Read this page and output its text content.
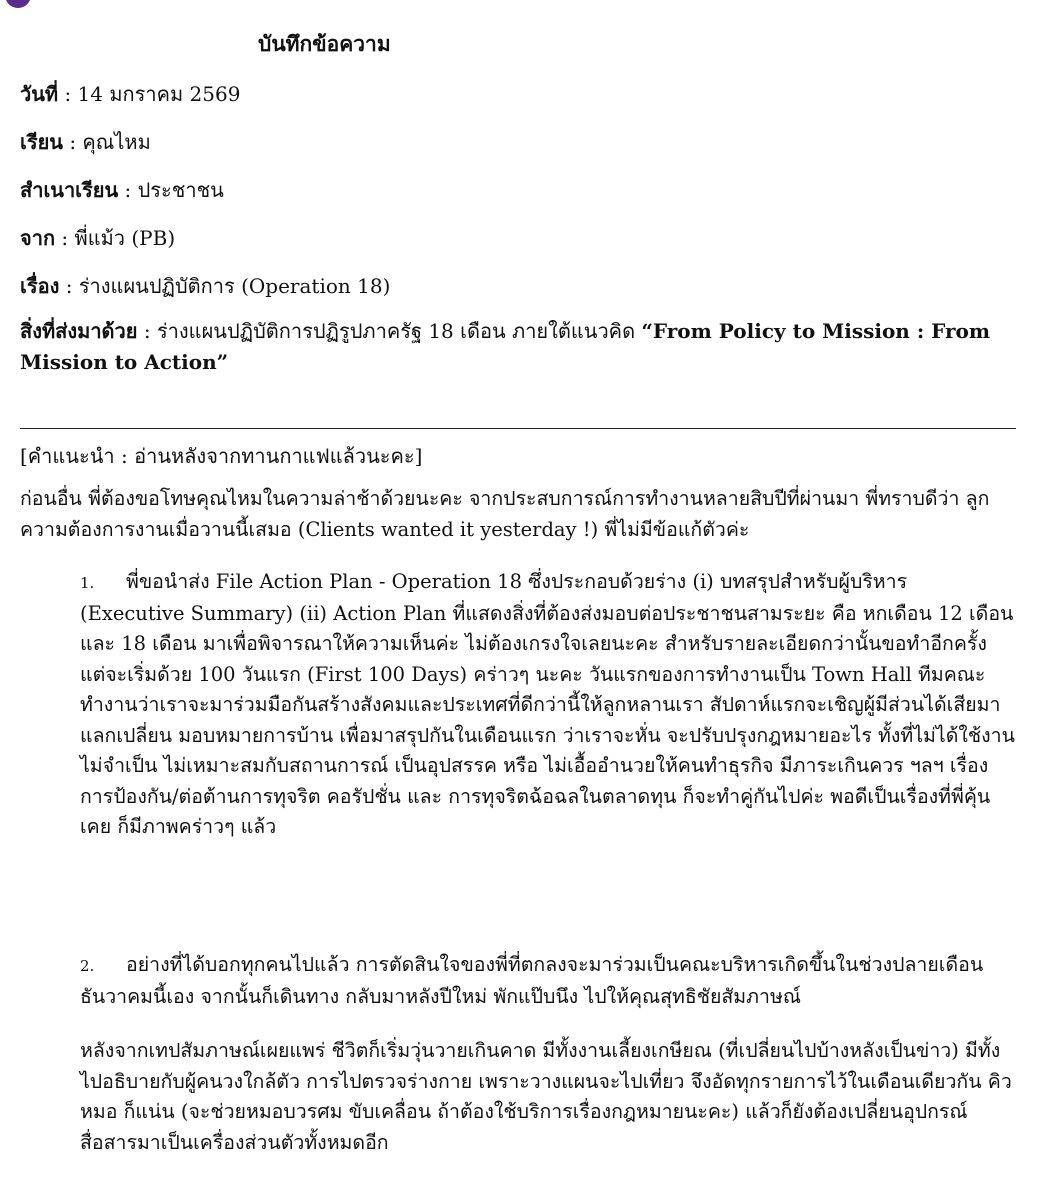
บันทึกข้อความ
วันที่ : 14 มกราคม 2569
เรียน : คุณไหม
สำเนาเรียน : ประชาชน
จาก : พี่แม้ว (PB)
เรื่อง : ร่างแผนปฏิบัติการ (Operation 18)
สิ่งที่ส่งมาด้วย : ร่างแผนปฏิบัติการปฏิรูปภาครัฐ 18 เดือน ภายใต้แนวคิด “From Policy to Mission : From Mission to Action”
[คำแนะนำ : อ่านหลังจากทานกาแฟแล้วนะคะ]

ก่อนอื่น พี่ต้องขอโทษคุณไหมในความล่าช้าด้วยนะคะ จากประสบการณ์การทำงานหลายสิบปีที่ผ่านมา พี่ทราบดีว่า ลูกความต้องการงานเมื่อวานนี้เสมอ (Clients wanted it yesterday !) พี่ไม่มีข้อแก้ตัวค่ะ

1. พี่ขอนำส่ง File Action Plan - Operation 18 ซึ่งประกอบด้วยร่าง (i) บทสรุปสำหรับผู้บริหาร (Executive Summary) (ii) Action Plan ที่แสดงสิ่งที่ต้องส่งมอบต่อประชาชนสามระยะ คือ หกเดือน 12 เดือน และ 18 เดือน มาเพื่อพิจารณาให้ความเห็นค่ะ ไม่ต้องเกรงใจเลยนะคะ สำหรับรายละเอียดกว่านั้นขอทำอีกครั้ง แต่จะเริ่มด้วย 100 วันแรก (First 100 Days) คร่าวๆ นะคะ วันแรกของการทำงานเป็น Town Hall ทีมคณะทำงานว่าเราจะมาร่วมมือกันสร้างสังคมและประเทศที่ดีกว่านี้ให้ลูกหลานเรา สัปดาห์แรกจะเชิญผู้มีส่วนได้เสียมาแลกเปลี่ยน มอบหมายการบ้าน เพื่อมาสรุปกันในเดือนแรก ว่าเราจะหั่น จะปรับปรุงกฎหมายอะไร ทั้งที่ไม่ได้ใช้งาน ไม่จำเป็น ไม่เหมาะสมกับสถานการณ์ เป็นอุปสรรค หรือ ไม่เอื้ออำนวยให้คนทำธุรกิจ มีภาระเกินควร ฯลฯ เรื่อง การป้องกัน/ต่อต้านการทุจริต คอรัปชั่น และ การทุจริตฉ้อฉลในตลาดทุน ก็จะทำคู่กันไปค่ะ พอดีเป็นเรื่องที่พี่คุ้นเคย ก็มีภาพคร่าวๆ แล้ว

2. อย่างที่ได้บอกทุกคนไปแล้ว การตัดสินใจของพี่ที่ตกลงจะมาร่วมเป็นคณะบริหารเกิดขึ้นในช่วงปลายเดือนธันวาคมนี้เอง จากนั้นก็เดินทาง กลับมาหลังปีใหม่ พักแป๊บนึง ไปให้คุณสุทธิชัยสัมภาษณ์

หลังจากเทปสัมภาษณ์เผยแพร่ ชีวิตก็เริ่มวุ่นวายเกินคาด มีทั้งงานเลี้ยงเกษียณ (ที่เปลี่ยนไปบ้างหลังเป็นข่าว) มีทั้งไปอธิบายกับผู้คนวงใกล้ตัว การไปตรวจร่างกาย เพราะวางแผนจะไปเที่ยว จึงอัดทุกรายการไว้ในเดือนเดียวกัน คิวหมอ ก็แน่น (จะช่วยหมอบวรศม ขับเคลื่อน ถ้าต้องใช้บริการเรื่องกฎหมายนะคะ) แล้วก็ยังต้องเปลี่ยนอุปกรณ์สื่อสารมาเป็นเครื่องส่วนตัวทั้งหมดอีก
